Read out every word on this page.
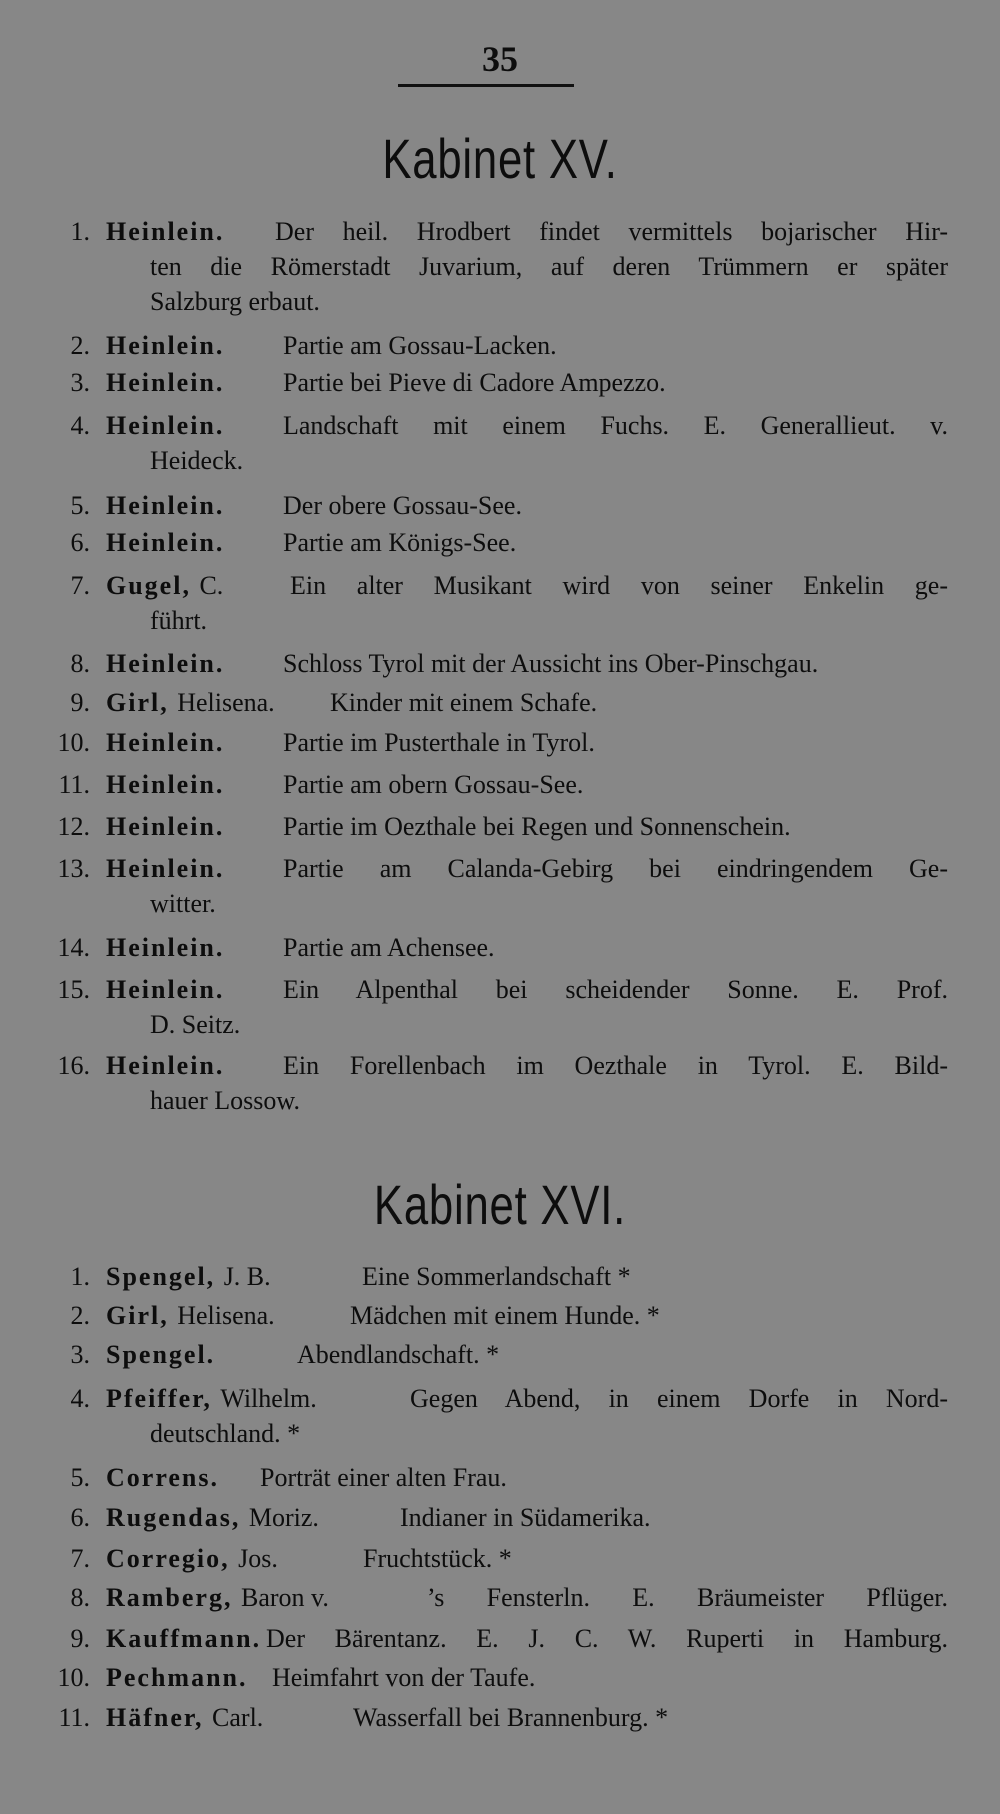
35
Kabinet XV.
1. Heinlein. Der heil. Hrodbert findet vermittels bojarischer Hir-
ten die Römerstadt Juvarium, auf deren Trümmern er später
Salzburg erbaut.
2. Heinlein. Partie am Gossau-Lacken.
3. Heinlein. Partie bei Pieve di Cadore Ampezzo.
4. Heinlein. Landschaft mit einem Fuchs. E. Generallieut. v.
Heideck.
5. Heinlein. Der obere Gossau-See.
6. Heinlein. Partie am Königs-See.
7. Gugel, C.	Ein alter Musikant wird von seiner Enkelin ge-
führt.
8. Heinlein. Schloss Tyrol mit der Aussicht ins Ober-Pinschgau.
9. Girl, Helisena. Kinder mit einem Schafe.
10. Heinlein. Partie im Pusterthale in Tyrol.
11. Heinlein. Partie am obern Gossau-See.
12. Heinlein. Partie im Oezthale bei Regen und Sonnenschein.
13. Heinlein. Partie am Calanda-Gebirg bei eindringendem Ge-
witter.
14. Heinlein. Partie am Achensee.
15. Heinlein. Ein Alpenthal bei scheidender Sonne. E. Prof.
D. Seitz.
16. Heinlein. Ein Forellenbach im Oezthale in Tyrol. E. Bild-
hauer Lossow.
Kabinet XVI.
1. Spengel, J. B.	Eine Sommerlandschaft *
2. Girl, Helisena.	Mädchen mit einem Hunde. *
3. Spengel.	Abendlandschaft. *
4. Pfeiffer, Wilhelm.	Gegen Abend, in einem Dorfe in Nord-
deutschland. *
5. Correns. Porträt einer alten Frau.
6. Rugendas, Moriz.	Indianer in Südamerika.
7. Corregio, Jos.	Fruchtstück. *
8. Ramberg, Baron v.	’s Fensterln. E. Bräumeister Pflüger.
9. Kauffmann. Der Bärentanz. E. J. C. W. Ruperti in Hamburg.
10. Pechmann. Heimfahrt von der Taufe.
11. Häfner, Carl.	Wasserfall bei Brannenburg. *
